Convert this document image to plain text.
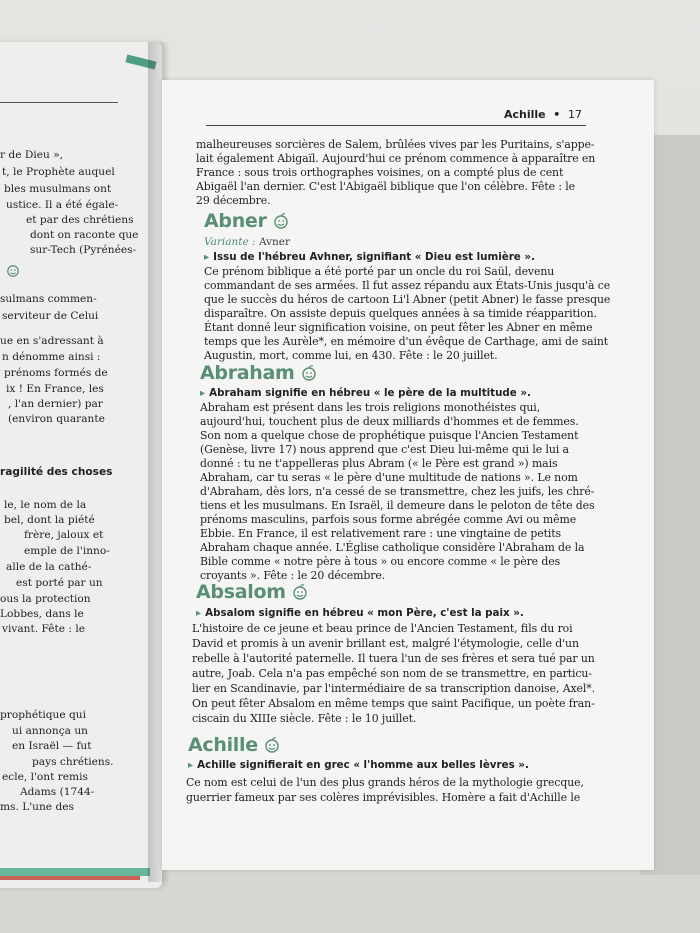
r de Dieu »,
t, le Prophète auquel
bles musulmans ont
ustice. Il a été égale-
et par des chrétiens
dont on raconte que
sur-Tech (Pyrénées-
sulmans commen-
serviteur de Celui
ue en s'adressant à
n dénomme ainsi :
prénoms formés de
ix ! En France, les
, l'an dernier) par
(environ quarante
ragilité des choses
le, le nom de la
bel, dont la piété
frère, jaloux et
emple de l'inno-
alle de la cathé-
est porté par un
ous la protection
Lobbes, dans le
vivant. Fête : le
prophétique qui
ui annonça un
en Israël — fut
pays chrétiens.
ecle, l'ont remis
Adams (1744-
ms. L'une des
Achille • 17
malheureuses sorcières de Salem, brûlées vives par les Puritains, s'appe-
lait également Abigaïl. Aujourd'hui ce prénom commence à apparaître en
France : sous trois orthographes voisines, on a compté plus de cent
Abigaël l'an dernier. C'est l'Abigaël biblique que l'on célèbre. Fête : le
29 décembre.
Abner
Variante : Avner
▸ Issu de l'hébreu Avhner, signifiant « Dieu est lumière ».
Ce prénom biblique a été porté par un oncle du roi Saül, devenu
commandant de ses armées. Il fut assez répandu aux États-Unis jusqu'à ce
que le succès du héros de cartoon Li'l Abner (petit Abner) le fasse presque
disparaître. On assiste depuis quelques années à sa timide réapparition.
Étant donné leur signification voisine, on peut fêter les Abner en même
temps que les Aurèle*, en mémoire d'un évêque de Carthage, ami de saint
Augustin, mort, comme lui, en 430. Fête : le 20 juillet.
Abraham
▸ Abraham signifie en hébreu « le père de la multitude ».
Abraham est présent dans les trois religions monothéistes qui,
aujourd'hui, touchent plus de deux milliards d'hommes et de femmes.
Son nom a quelque chose de prophétique puisque l'Ancien Testament
(Genèse, livre 17) nous apprend que c'est Dieu lui-même qui le lui a
donné : tu ne t'appelleras plus Abram (« le Père est grand ») mais
Abraham, car tu seras « le père d'une multitude de nations ». Le nom
d'Abraham, dès lors, n'a cessé de se transmettre, chez les juifs, les chré-
tiens et les musulmans. En Israël, il demeure dans le peloton de tête des
prénoms masculins, parfois sous forme abrégée comme Avi ou même
Ebbie. En France, il est relativement rare : une vingtaine de petits
Abraham chaque année. L'Église catholique considère l'Abraham de la
Bible comme « notre père à tous » ou encore comme « le père des
croyants ». Fête : le 20 décembre.
Absalom
▸ Absalom signifie en hébreu « mon Père, c'est la paix ».
L'histoire de ce jeune et beau prince de l'Ancien Testament, fils du roi
David et promis à un avenir brillant est, malgré l'étymologie, celle d'un
rebelle à l'autorité paternelle. Il tuera l'un de ses frères et sera tué par un
autre, Joab. Cela n'a pas empêché son nom de se transmettre, en particu-
lier en Scandinavie, par l'intermédiaire de sa transcription danoise, Axel*.
On peut fêter Absalom en même temps que saint Pacifique, un poète fran-
ciscain du XIIIe siècle. Fête : le 10 juillet.
Achille
▸ Achille signifierait en grec « l'homme aux belles lèvres ».
Ce nom est celui de l'un des plus grands héros de la mythologie grecque,
guerrier fameux par ses colères imprévisibles. Homère a fait d'Achille le
